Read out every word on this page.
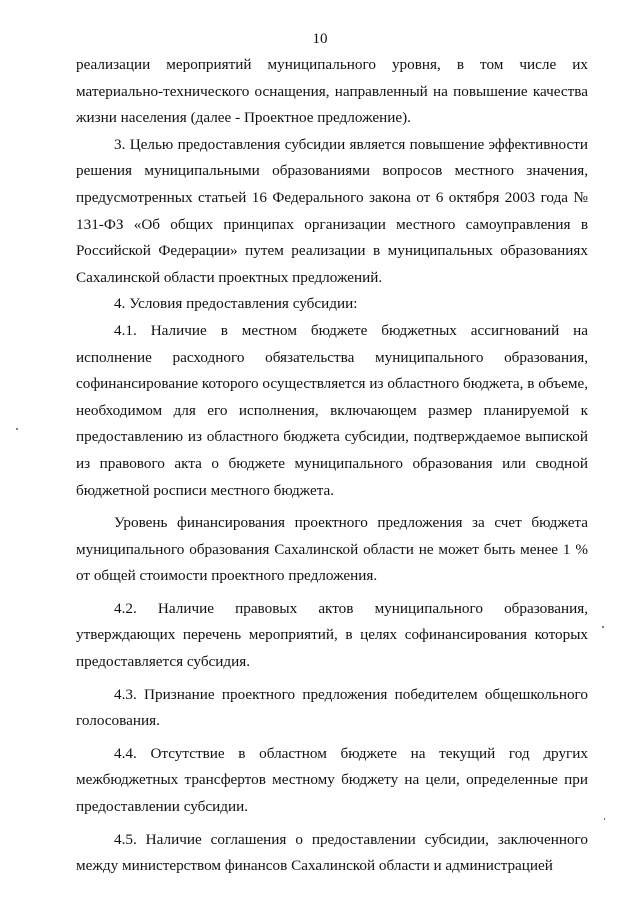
10

реализации мероприятий муниципального уровня, в том числе их материально-технического оснащения, направленный на повышение качества жизни населения (далее - Проектное предложение).

3. Целью предоставления субсидии является повышение эффективности решения муниципальными образованиями вопросов местного значения, предусмотренных статьей 16 Федерального закона от 6 октября 2003 года № 131-ФЗ «Об общих принципах организации местного самоуправления в Российской Федерации» путем реализации в муниципальных образованиях Сахалинской области проектных предложений.

4. Условия предоставления субсидии:

4.1. Наличие в местном бюджете бюджетных ассигнований на исполнение расходного обязательства муниципального образования, софинансирование которого осуществляется из областного бюджета, в объеме, необходимом для его исполнения, включающем размер планируемой к предоставлению из областного бюджета субсидии, подтверждаемое выпиской из правового акта о бюджете муниципального образования или сводной бюджетной росписи местного бюджета.

Уровень финансирования проектного предложения за счет бюджета муниципального образования Сахалинской области не может быть менее 1 % от общей стоимости проектного предложения.

4.2. Наличие правовых актов муниципального образования, утверждающих перечень мероприятий, в целях софинансирования которых предоставляется субсидия.

4.3. Признание проектного предложения победителем общешкольного голосования.

4.4. Отсутствие в областном бюджете на текущий год других межбюджетных трансфертов местному бюджету на цели, определенные при предоставлении субсидии.

4.5. Наличие соглашения о предоставлении субсидии, заключенного между министерством финансов Сахалинской области и администрацией
